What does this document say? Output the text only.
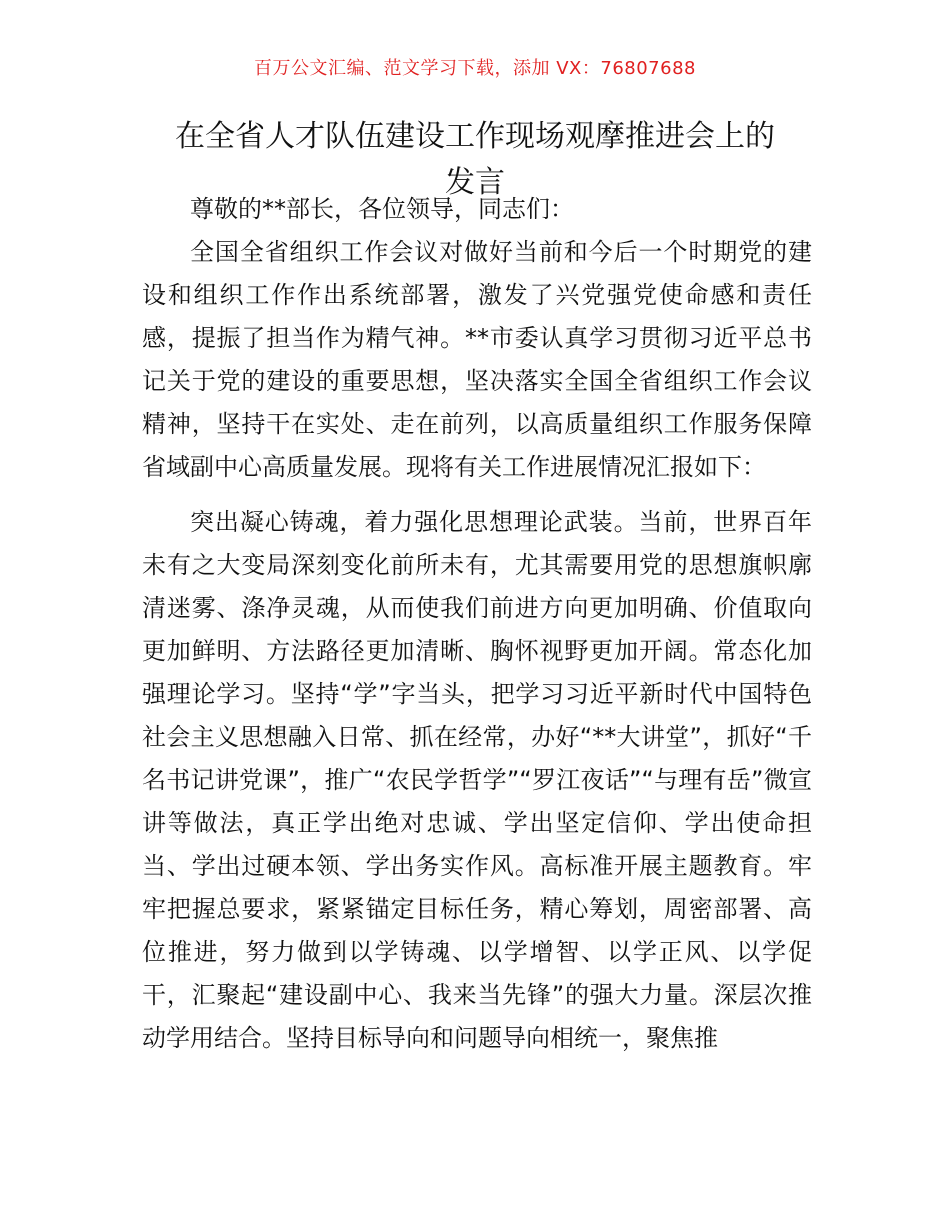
百万公文汇编、范文学习下载，添加 VX：76807688
在全省人才队伍建设工作现场观摩推进会上的
发言

尊敬的**部长，各位领导，同志们：

全国全省组织工作会议对做好当前和今后一个时期党的建设和组织工作作出系统部署，激发了兴党强党使命感和责任感，提振了担当作为精气神。**市委认真学习贯彻习近平总书记关于党的建设的重要思想，坚决落实全国全省组织工作会议精神，坚持干在实处、走在前列，以高质量组织工作服务保障省域副中心高质量发展。现将有关工作进展情况汇报如下：

突出凝心铸魂，着力强化思想理论武装。当前，世界百年未有之大变局深刻变化前所未有，尤其需要用党的思想旗帜廓清迷雾、涤净灵魂，从而使我们前进方向更加明确、价值取向更加鲜明、方法路径更加清晰、胸怀视野更加开阔。常态化加强理论学习。坚持“学”字当头，把学习习近平新时代中国特色社会主义思想融入日常、抓在经常，办好“**大讲堂”，抓好“千名书记讲党课”，推广“农民学哲学”“罗江夜话”“与理有岳”微宣讲等做法，真正学出绝对忠诚、学出坚定信仰、学出使命担当、学出过硬本领、学出务实作风。高标准开展主题教育。牢牢把握总要求，紧紧锚定目标任务，精心筹划，周密部署、高位推进，努力做到以学铸魂、以学增智、以学正风、以学促干，汇聚起“建设副中心、我来当先锋”的强大力量。深层次推动学用结合。坚持目标导向和问题导向相统一，聚焦推
